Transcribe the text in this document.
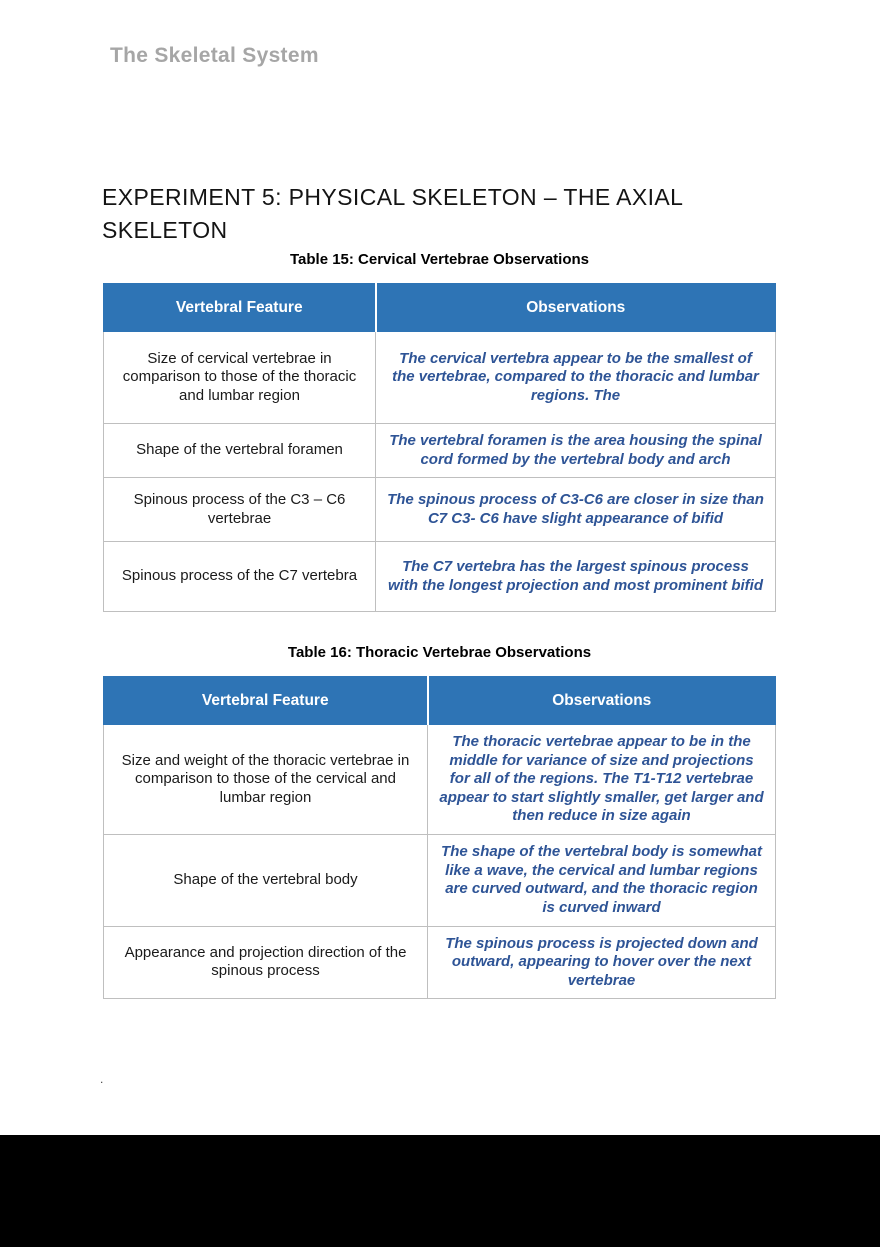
The Skeletal System
EXPERIMENT 5: PHYSICAL SKELETON – THE AXIAL
SKELETON
Table 15: Cervical Vertebrae Observations
Vertebral Feature	Observations
Size of cervical vertebrae in comparison to those of the thoracic and lumbar region	The cervical vertebra appear to be the smallest of the vertebrae, compared to the thoracic and lumbar regions. The
Shape of the vertebral foramen	The vertebral foramen is the area housing the spinal cord formed by the vertebral body and arch
Spinous process of the C3 – C6 vertebrae	The spinous process of C3-C6 are closer in size than C7 C3- C6 have slight appearance of bifid
Spinous process of the C7 vertebra	The C7 vertebra has the largest spinous process with the longest projection and most prominent bifid
Table 16: Thoracic Vertebrae Observations
Vertebral Feature	Observations
Size and weight of the thoracic vertebrae in comparison to those of the cervical and lumbar region	The thoracic vertebrae appear to be in the middle for variance of size and projections for all of the regions. The T1-T12 vertebrae appear to start slightly smaller, get larger and then reduce in size again
Shape of the vertebral body	The shape of the vertebral body is somewhat like a wave, the cervical and lumbar regions are curved outward, and the thoracic region is curved inward
Appearance and projection direction of the spinous process	The spinous process is projected down and outward, appearing to hover over the next vertebrae
.
